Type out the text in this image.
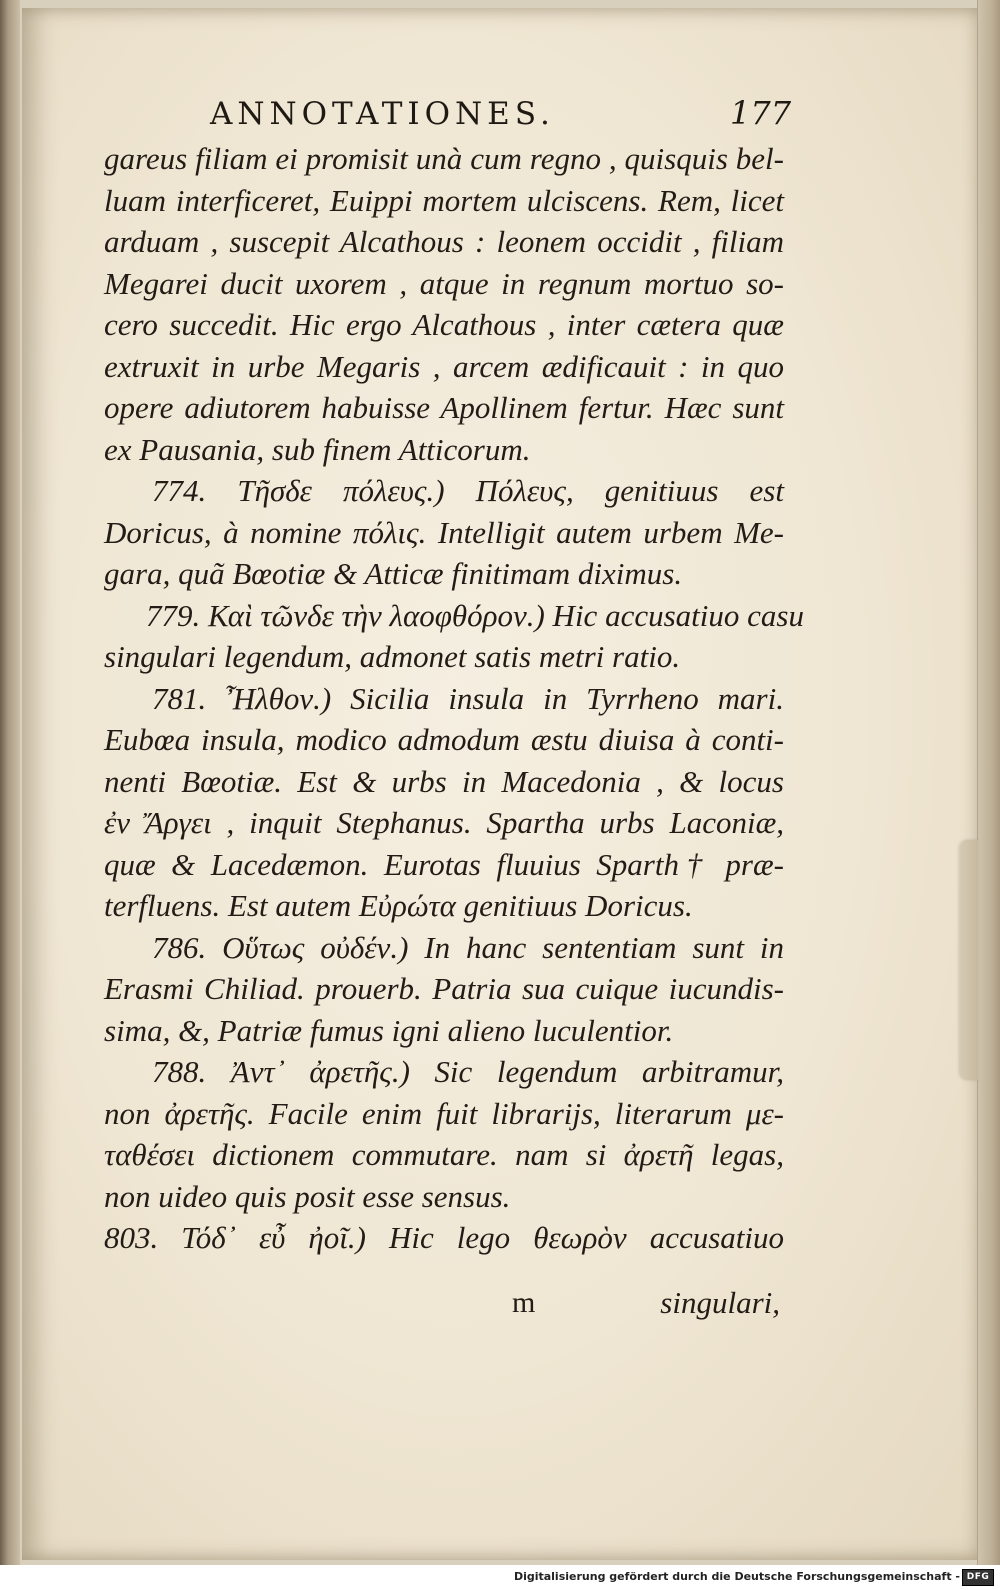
ANNOTATIONES.	177
gareus filiam ei promisit unà cum regno , quisquis bel-
luam interficeret, Euippi mortem ulciscens. Rem, licet
arduam , suscepit Alcathous : leonem occidit , filiam
Megarei ducit uxorem , atque in regnum mortuo so-
cero succedit. Hic ergo Alcathous , inter cætera quæ
extruxit in urbe Megaris , arcem ædificauit : in quo
opere adiutorem habuisse Apollinem fertur. Hæc sunt
ex Pausania, sub finem Atticorum.
774. Τῆσδε πόλευς.) Πόλευς, genitiuus est
Doricus, à nomine πόλις. Intelligit autem urbem Me-
gara, quã Bœotiæ & Atticæ finitimam diximus.
779. Καὶ τῶνδε τὴν λαοφθόρον.) Hic accusatiuo casu
singulari legendum, admonet satis metri ratio.
781. Ἦλθον.) Sicilia insula in Tyrrheno mari.
Eubœa insula, modico admodum æstu diuisa à conti-
nenti Bœotiæ. Est & urbs in Macedonia , & locus
ἐν Ἄργει , inquit Stephanus. Spartha urbs Laconiæ,
quæ & Lacedæmon. Eurotas fluuius Sparth† præ-
terfluens. Est autem Εὐρώτα genitiuus Doricus.
786. Οὕτως οὐδέν.) In hanc sententiam sunt in
Erasmi Chiliad. prouerb. Patria sua cuique iucundis-
sima, &, Patriæ fumus igni alieno luculentior.
788. Ἀντ᾽ ἀρετῆς.) Sic legendum arbitramur,
non ἀρετῆς. Facile enim fuit librarijs, literarum με-
ταθέσει dictionem commutare. nam si ἀρετῆ legas,
non uideo quis posit esse sensus.
803. Τόδ᾽ εὖ ἠοῖ.) Hic lego θεωρὸν accusatiuo
m	singulari,
Digitalisierung gefördert durch die Deutsche Forschungsgemeinschaft - DFG
